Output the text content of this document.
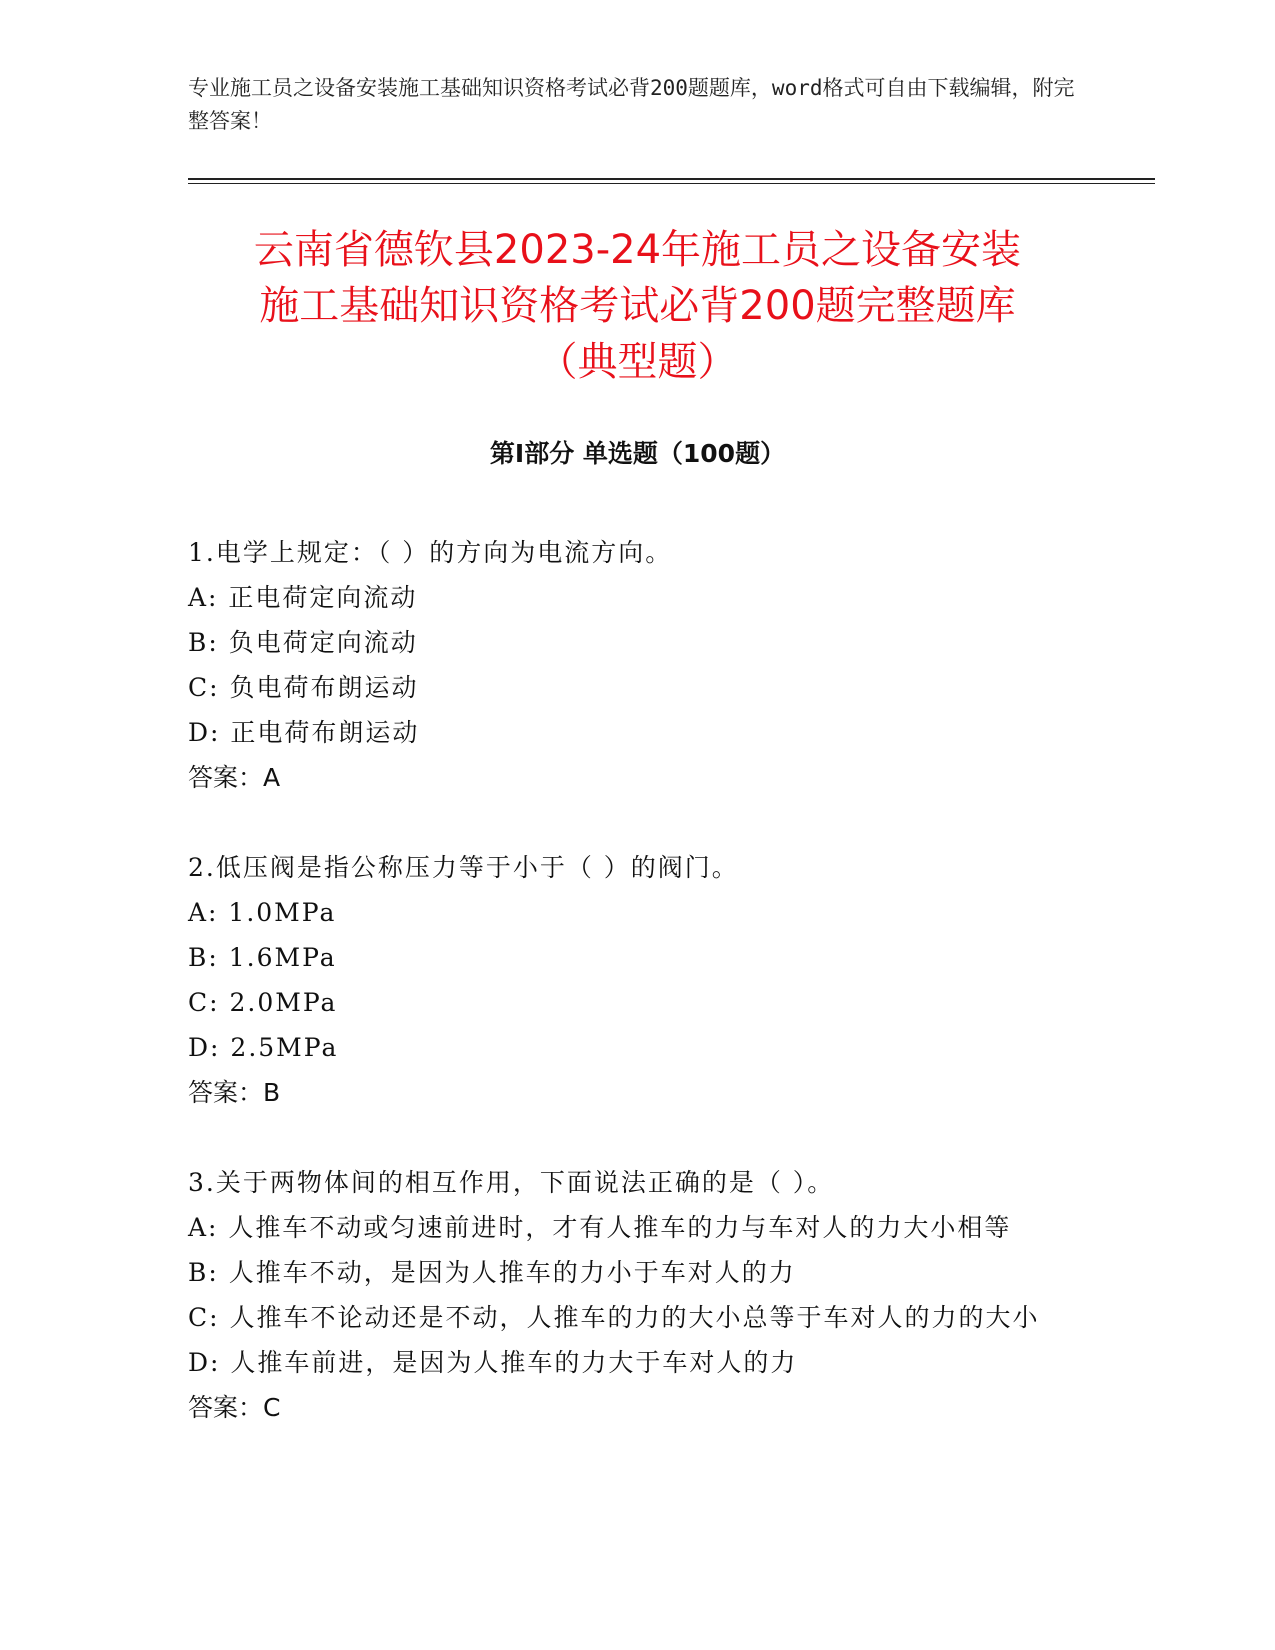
专业施工员之设备安装施工基础知识资格考试必背200题题库，word格式可自由下载编辑，附完整答案！
云南省德钦县2023-24年施工员之设备安装
施工基础知识资格考试必背200题完整题库
（典型题）
第Ⅰ部分 单选题（100题）
1.电学上规定：（ ）的方向为电流方向。
A: 正电荷定向流动
B: 负电荷定向流动
C: 负电荷布朗运动
D: 正电荷布朗运动
答案：A
2.低压阀是指公称压力等于小于（ ）的阀门。
A: 1.0MPa
B: 1.6MPa
C: 2.0MPa
D: 2.5MPa
答案：B
3.关于两物体间的相互作用，下面说法正确的是（ ）。
A: 人推车不动或匀速前进时，才有人推车的力与车对人的力大小相等
B: 人推车不动，是因为人推车的力小于车对人的力
C: 人推车不论动还是不动，人推车的力的大小总等于车对人的力的大小
D: 人推车前进，是因为人推车的力大于车对人的力
答案：C
